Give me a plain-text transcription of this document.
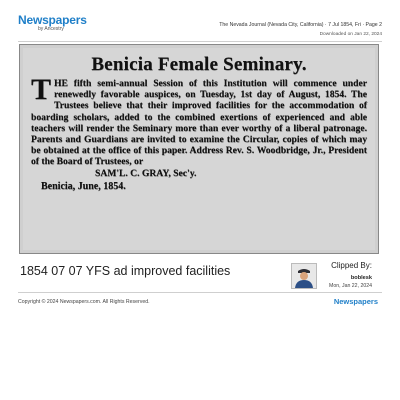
Newspapers
by Ancestry
The Nevada Journal (Nevada City, California) · 7 Jul 1854, Fri · Page 2
Downloaded on Jan 22, 2024
Benicia Female Seminary.
T HE fifth semi-annual Session of this Institution will commence under renewedly favorable auspices, on Tuesday, 1st day of August, 1854. The Trustees believe that their improved facilities for the accommodation of boarding scholars, added to the combined exertions of experienced and able teachers will render the Seminary more than ever worthy of a liberal patronage. Parents and Guardians are invited to examine the Circular, copies of which may be obtained at the office of this paper. Address Rev. S. Woodbridge, Jr., President of the Board of Trustees, or
SAM'L. C. GRAY, Sec'y.
Benicia, June, 1854.
1854 07 07 YFS ad improved facilities	Clipped By:
boblesk
Mon, Jan 22, 2024
Copyright © 2024 Newspapers.com. All Rights Reserved.	Newspapers
